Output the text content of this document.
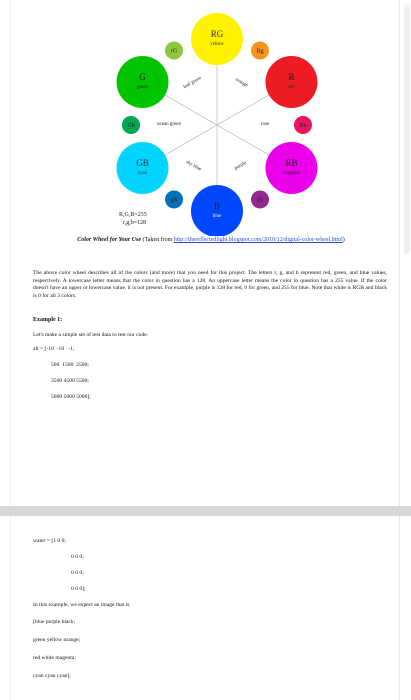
orange
rose
purple
sky blue
ocean green
leaf green
RG
yellow
Rg
R
red
Rb
RB
magenta
rB
B
blue
gB
GB
cyan
Gb
G
green
rG
R,G,B=255
r,g,b=128
Color Wheel for Your Use (Taken from http://thereflectedlight.blogspot.com/2010/12/digital-color-wheel.html)
The above color wheel describes all of the colors (and more) that you need for this project. The letters r, g, and b represent red, green, and blue values, respectively. A lowercase letter means that the color in question has a 128. An uppercase letter means the color in question has a 255 value. If the color doesn't have an upper or lowercase value, it is not present. For example, purple is 128 for red, 0 for green, and 255 for blue. Note that white is RGB and black is 0 for all 3 colors.
Example 1:
Let's make a simple set of test data to test our code:
alt = [-10  -10   -1;
500  1500  2500;
3500 4500 5500;
5000 5000 5000];
water = [1 0 0;
0 0 0;
0 0 0;
0 0 0];
In this example, we expect an image that is
[blue purple black;
green yellow orange;
red white magenta;
cyan cyan cyan];
